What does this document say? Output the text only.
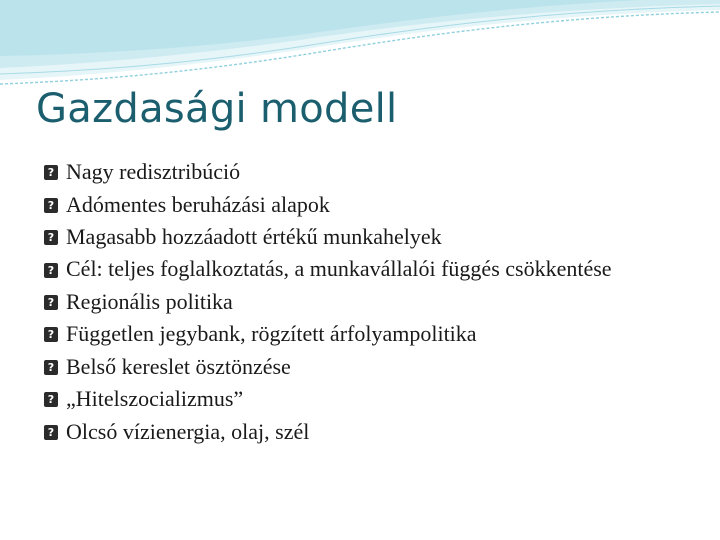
Gazdasági modell
? Nagy redisztribúció
? Adómentes beruházási alapok
? Magasabb hozzáadott értékű munkahelyek
? Cél: teljes foglalkoztatás, a munkavállalói függés csökkentése
? Regionális politika
? Független jegybank, rögzített árfolyampolitika
? Belső kereslet ösztönzése
? „Hitelszocializmus”
? Olcsó vízienergia, olaj, szél
